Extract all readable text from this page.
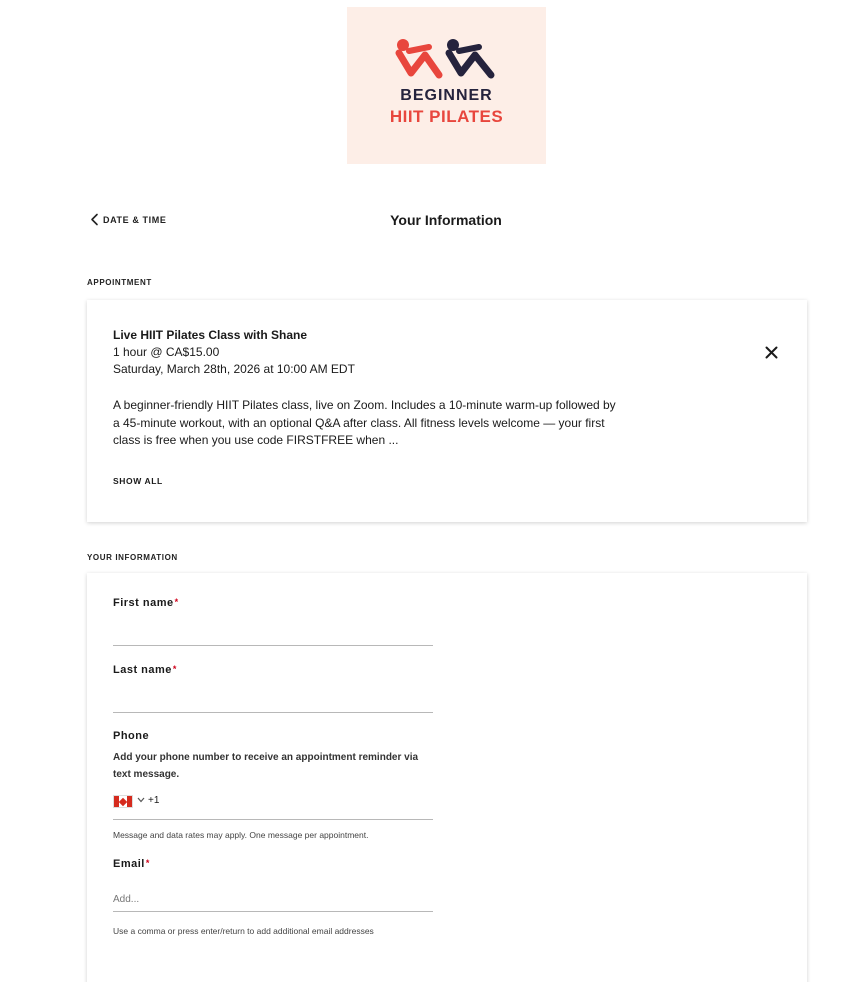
BEGINNER
HIIT PILATES
DATE & TIME	Your Information
APPOINTMENT
Live HIIT Pilates Class with Shane
1 hour @ CA$15.00
Saturday, March 28th, 2026 at 10:00 AM EDT
A beginner-friendly HIIT Pilates class, live on Zoom. Includes a 10-minute warm-up followed by a 45-minute workout, with an optional Q&A after class. All fitness levels welcome — your first class is free when you use code FIRSTFREE when ...
SHOW ALL
YOUR INFORMATION
First name*
Last name*
Phone
Add your phone number to receive an appointment reminder via text message.
+1
Message and data rates may apply. One message per appointment.
Email*
Add...
Use a comma or press enter/return to add additional email addresses
